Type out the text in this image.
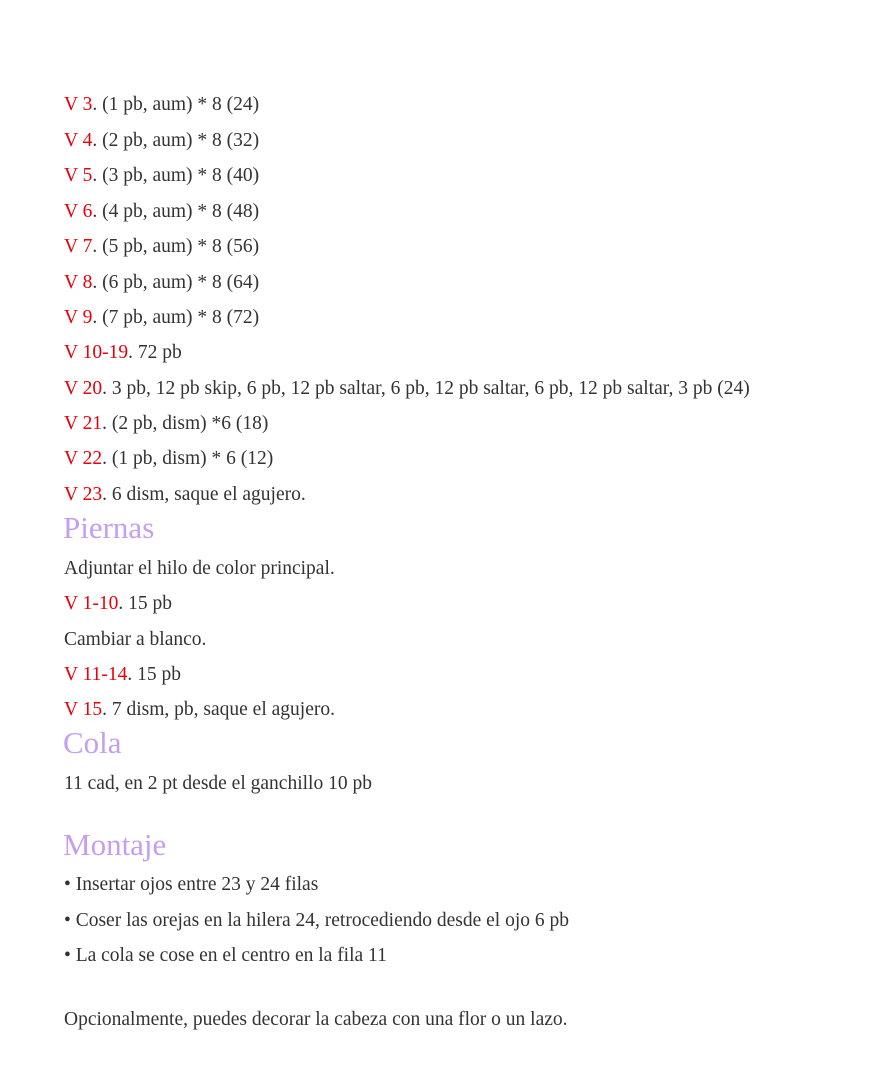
V 3. (1 pb, aum) * 8 (24)
V 4. (2 pb, aum) * 8 (32)
V 5. (3 pb, aum) * 8 (40)
V 6. (4 pb, aum) * 8 (48)
V 7. (5 pb, aum) * 8 (56)
V 8. (6 pb, aum) * 8 (64)
V 9. (7 pb, aum) * 8 (72)
V 10-19. 72 pb
V 20. 3 pb, 12 pb skip, 6 pb, 12 pb saltar, 6 pb, 12 pb saltar, 6 pb, 12 pb saltar, 3 pb (24)
V 21. (2 pb, dism) *6 (18)
V 22. (1 pb, dism) * 6 (12)
V 23. 6 dism, saque el agujero.
Piernas
Adjuntar el hilo de color principal.
V 1-10. 15 pb
Cambiar a blanco.
V 11-14. 15 pb
V 15. 7 dism, pb, saque el agujero.
Cola
11 cad, en 2 pt desde el ganchillo 10 pb
Montaje
• Insertar ojos entre 23 y 24 filas
• Coser las orejas en la hilera 24, retrocediendo desde el ojo 6 pb
• La cola se cose en el centro en la fila 11
Opcionalmente, puedes decorar la cabeza con una flor o un lazo.
